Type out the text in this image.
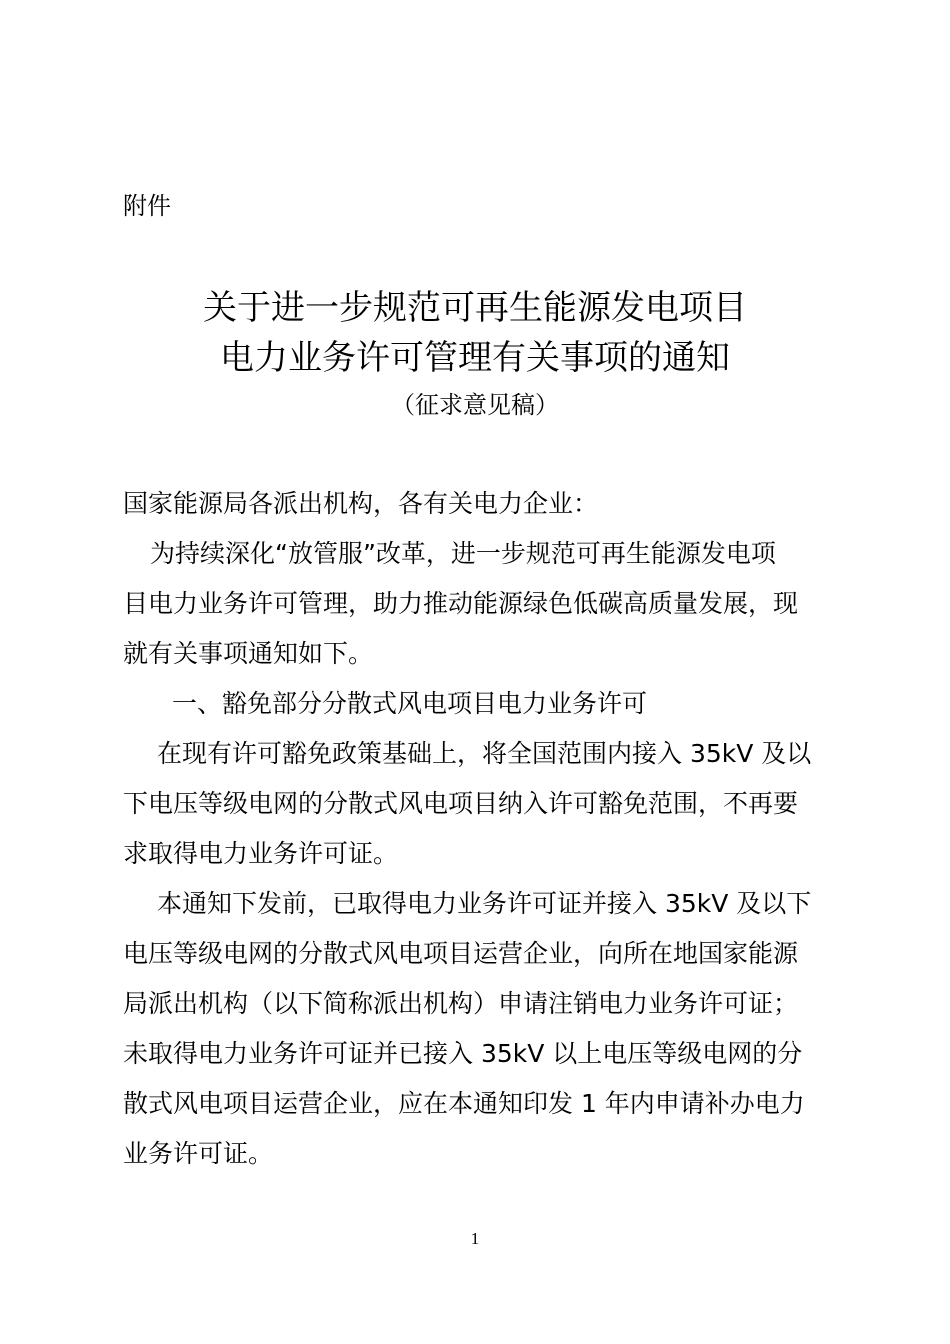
附件
关于进一步规范可再生能源发电项目
电力业务许可管理有关事项的通知
（征求意见稿）
国家能源局各派出机构，各有关电力企业：
为持续深化“放管服”改革，进一步规范可再生能源发电项
目电力业务许可管理，助力推动能源绿色低碳高质量发展，现
就有关事项通知如下。
一、豁免部分分散式风电项目电力业务许可
在现有许可豁免政策基础上，将全国范围内接入 35kV 及以
下电压等级电网的分散式风电项目纳入许可豁免范围，不再要
求取得电力业务许可证。
本通知下发前，已取得电力业务许可证并接入 35kV 及以下
电压等级电网的分散式风电项目运营企业，向所在地国家能源
局派出机构（以下简称派出机构）申请注销电力业务许可证；
未取得电力业务许可证并已接入 35kV 以上电压等级电网的分
散式风电项目运营企业，应在本通知印发 1 年内申请补办电力
业务许可证。
1
